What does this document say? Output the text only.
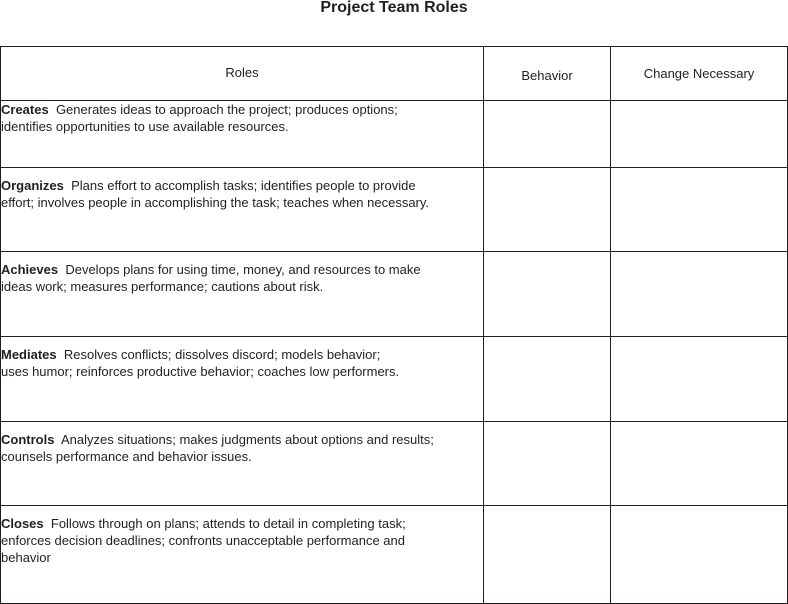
Project Team Roles
Roles	Behavior	Change Necessary
Creates Generates ideas to approach the project; produces options;
identifies opportunities to use available resources.		
Organizes Plans effort to accomplish tasks; identifies people to provide
effort; involves people in accomplishing the task; teaches when necessary.		
Achieves Develops plans for using time, money, and resources to make
ideas work; measures performance; cautions about risk.		
Mediates Resolves conflicts; dissolves discord; models behavior;
uses humor; reinforces productive behavior; coaches low performers.		
Controls Analyzes situations; makes judgments about options and results;
counsels performance and behavior issues.		
Closes Follows through on plans; attends to detail in completing task;
enforces decision deadlines; confronts unacceptable performance and
behavior		
